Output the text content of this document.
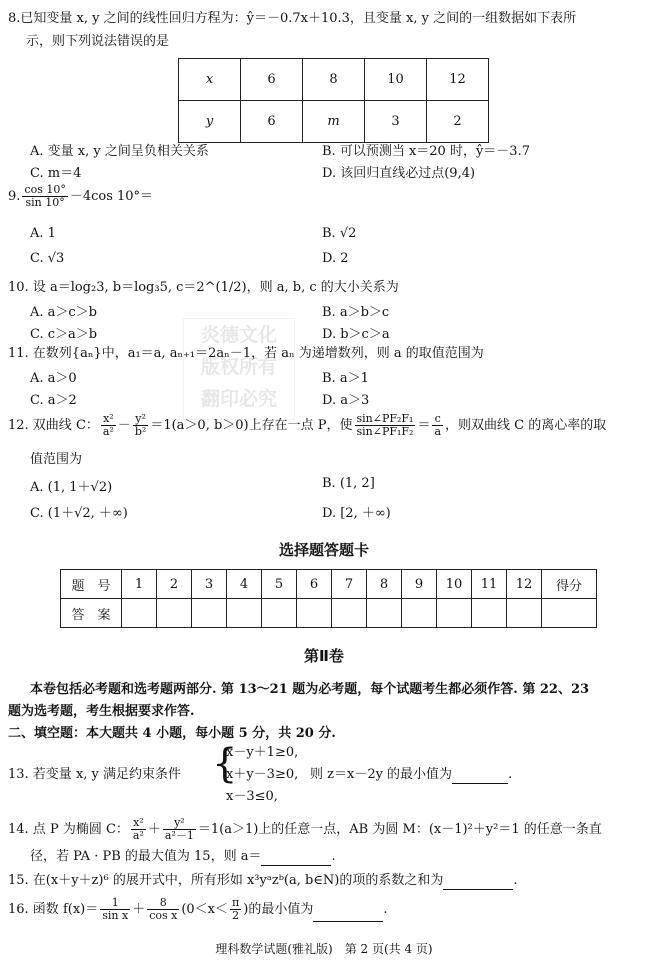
炎德文化
版权所有
翻印必究
8.已知变量 x, y 之间的线性回归方程为：ŷ＝－0.7x＋10.3，且变量 x, y 之间的一组数据如下表所
示，则下列说法错误的是
x	6	8	10	12
y	6	m	3	2
A. 变量 x, y 之间呈负相关关系	B. 可以预测当 x＝20 时，ŷ＝－3.7
C. m＝4	D. 该回归直线必过点(9,4)
9. $\frac{\cos 10^\circ}{\sin 10^\circ} -4\cos$ 10°＝
A. 1	B. √2
C. √3	D. 2
10. 设 a＝log₂3, b＝log₃5, c＝2^(1/2)，则 a, b, c 的大小关系为
A. a＞c＞b	B. a＞b＞c
C. c＞a＞b	D. b＞c＞a
11. 在数列{aₙ}中，a₁＝a, aₙ₊₁＝2aₙ－1，若 aₙ 为递增数列，则 a 的取值范围为
A. a＞0	B. a＞1
C. a＞2	D. a＞3
12. 双曲线 C： $\frac{\text{x²}}{\text{a²}} - \frac{\text{y²}}{\text{b²}} =1(a>0$, b＞0)上存在一点 P，使 $\frac{\text{sin∠PF₂F₁}}{\text{sin∠PF₁F₂}} = \frac{c}{a}$ ，则双曲线 C 的离心率的取
值范围为
A. (1, 1＋√2)	B. (1, 2]
C. (1＋√2, ＋∞)	D. [2, ＋∞)
选择题答题卡
题　号	1	2	3	4	5	6	7	8	9	10	11	12	得分
答　案													
第Ⅱ卷
本卷包括必考题和选考题两部分. 第 13～21 题为必考题，每个试题考生都必须作答. 第 22、23
题为选考题，考生根据要求作答.
二、填空题：本大题共 4 小题，每小题 5 分，共 20 分.
13. 若变量 x, y 满足约束条件 {
x－y＋1≥0,
x＋y－3≥0,
x－3≤0,
则 z＝x－2y 的最小值为	.
14. 点 P 为椭圆 C： $\frac{\text{x²}}{\text{a²}} + \frac{\text{y²}}{\text{a²－1}} =1(a>1)$上的任意一点，AB 为圆 M：(x－1)²＋y²＝1 的任意一条直
径，若 PA · PB 的最大值为 15，则 a＝	.
15. 在(x＋y＋z)⁶ 的展开式中，所有形如 x³yᵃzᵇ(a, b∈N)的项的系数之和为	.
16. 函数 $f(x)= \frac{1}{\text{sin x}} + \frac{8}{\text{cos x}} (0<x< \frac{\pi}{2}$ )的最小值为	.
理科数学试题(雅礼版)　第 2 页(共 4 页)
